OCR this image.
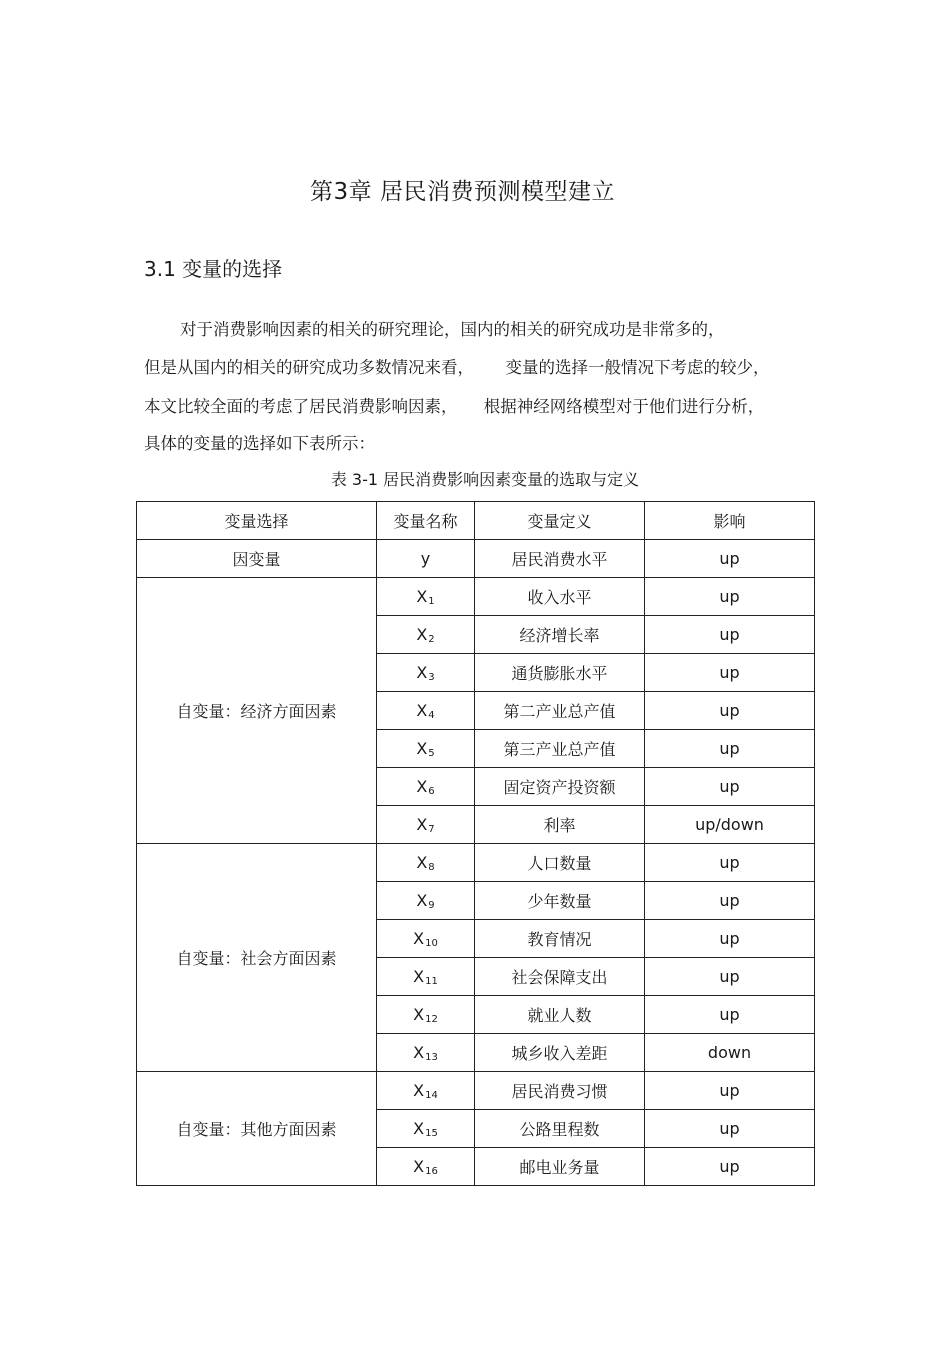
第3章 居民消费预测模型建立
3.1 变量的选择
对于消费影响因素的相关的研究理论，国内的相关的研究成功是非常多的，
但是从国内的相关的研究成功多数情况来看，      变量的选择一般情况下考虑的较少，
本文比较全面的考虑了居民消费影响因素，     根据神经网络模型对于他们进行分析，
具体的变量的选择如下表所示：
表 3-1 居民消费影响因素变量的选取与定义
变量选择	变量名称	变量定义	影响
因变量	y	居民消费水平	up
自变量：经济方面因素	$X_1$	收入水平	up
	$X_2$	经济增长率	up
	$X_3$	通货膨胀水平	up
	$X_4$	第二产业总产值	up
	$X_5$	第三产业总产值	up
	$X_6$	固定资产投资额	up
	$X_7$	利率	up/down
自变量：社会方面因素	$X_8$	人口数量	up
	$X_9$	少年数量	up
	$X_{10}$	教育情况	up
	$X_{11}$	社会保障支出	up
	$X_{12}$	就业人数	up
	$X_{13}$	城乡收入差距	down
自变量：其他方面因素	$X_{14}$	居民消费习惯	up
	$X_{15}$	公路里程数	up
	$X_{16}$	邮电业务量	up
